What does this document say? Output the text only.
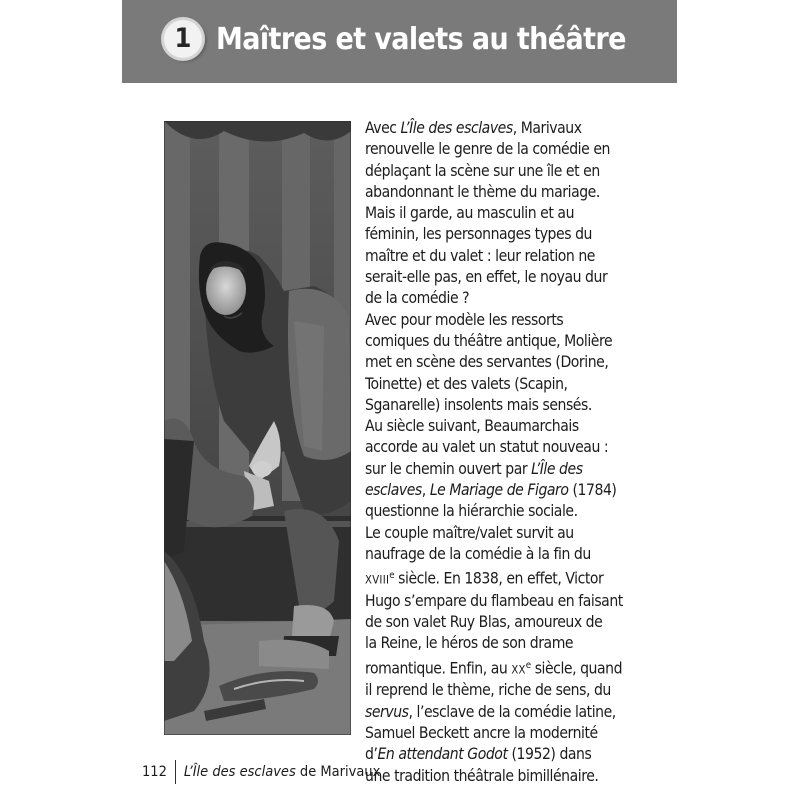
1 Maîtres et valets au théâtre
Avec L’Île des esclaves, Marivaux
renouvelle le genre de la comédie en
déplaçant la scène sur une île et en
abandonnant le thème du mariage.
Mais il garde, au masculin et au
féminin, les personnages types du
maître et du valet : leur relation ne
serait-elle pas, en effet, le noyau dur
de la comédie ?
Avec pour modèle les ressorts
comiques du théâtre antique, Molière
met en scène des servantes (Dorine,
Toinette) et des valets (Scapin,
Sganarelle) insolents mais sensés.
Au siècle suivant, Beaumarchais
accorde au valet un statut nouveau :
sur le chemin ouvert par L’Île des
esclaves, Le Mariage de Figaro (1784)
questionne la hiérarchie sociale.
Le couple maître/valet survit au
naufrage de la comédie à la fin du
XVIIIe siècle. En 1838, en effet, Victor
Hugo s’empare du flambeau en faisant
de son valet Ruy Blas, amoureux de
la Reine, le héros de son drame
romantique. Enfin, au XXe siècle, quand
il reprend le thème, riche de sens, du
servus, l’esclave de la comédie latine,
Samuel Beckett ancre la modernité
d’En attendant Godot (1952) dans
une tradition théâtrale bimillénaire.
112 L’Île des esclaves de Marivaux
